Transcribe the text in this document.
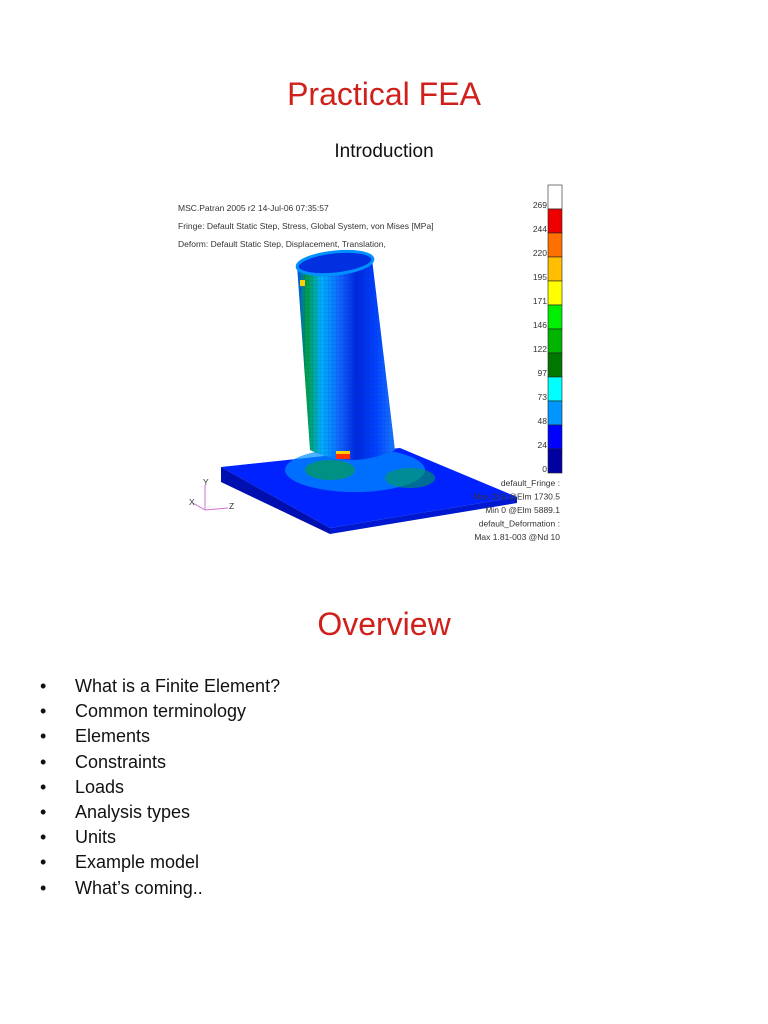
Practical FEA
Introduction
MSC.Patran 2005 r2 14-Jul-06 07:35:57
Fringe: Default Static Step, Stress, Global System, von Mises [MPa]
Deform: Default Static Step, Displacement, Translation,
Y
X	Z
269
244
220
195
171
146
122
97
73
48
24
0
default_Fringe :
Max 269 @Elm 1730.5
Min 0 @Elm 5889.1
default_Deformation :
Max 1.81-003 @Nd 10
Overview
•	What is a Finite Element?
•	Common terminology
•	Elements
•	Constraints
•	Loads
•	Analysis types
•	Units
•	Example model
•	What’s coming..
